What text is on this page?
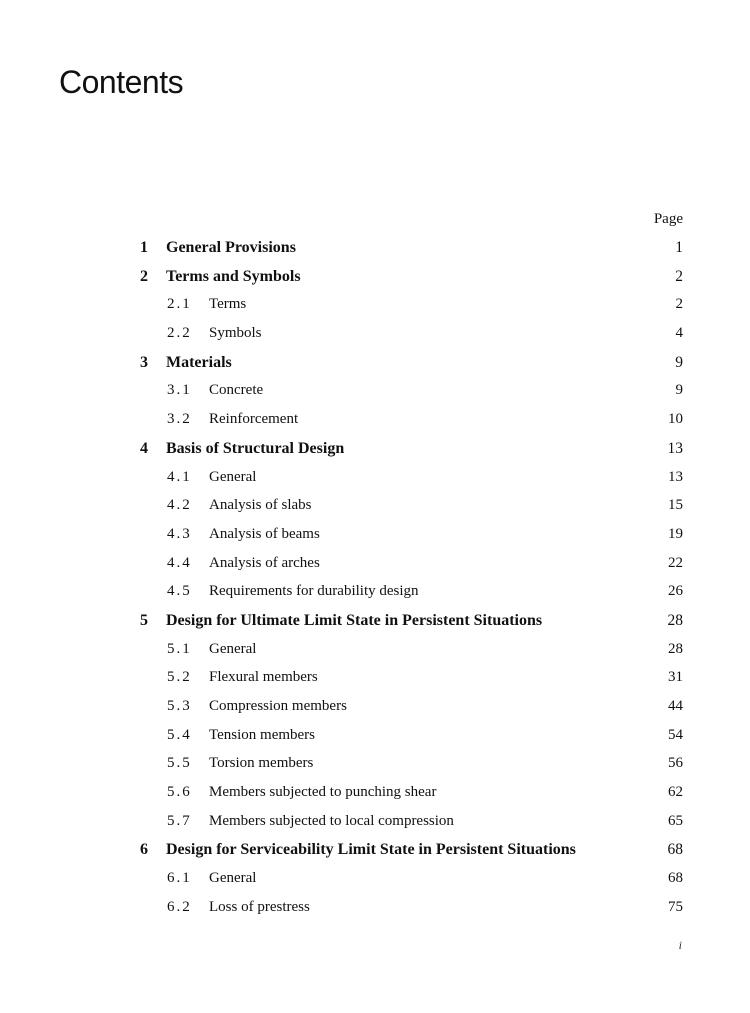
Contents
Page
1 General Provisions	1
2 Terms and Symbols	2
2.1 Terms	2
2.2 Symbols	4
3 Materials	9
3.1 Concrete	9
3.2 Reinforcement	10
4 Basis of Structural Design	13
4.1 General	13
4.2 Analysis of slabs	15
4.3 Analysis of beams	19
4.4 Analysis of arches	22
4.5 Requirements for durability design	26
5 Design for Ultimate Limit State in Persistent Situations	28
5.1 General	28
5.2 Flexural members	31
5.3 Compression members	44
5.4 Tension members	54
5.5 Torsion members	56
5.6 Members subjected to punching shear	62
5.7 Members subjected to local compression	65
6 Design for Serviceability Limit State in Persistent Situations	68
6.1 General	68
6.2 Loss of prestress	75
i
